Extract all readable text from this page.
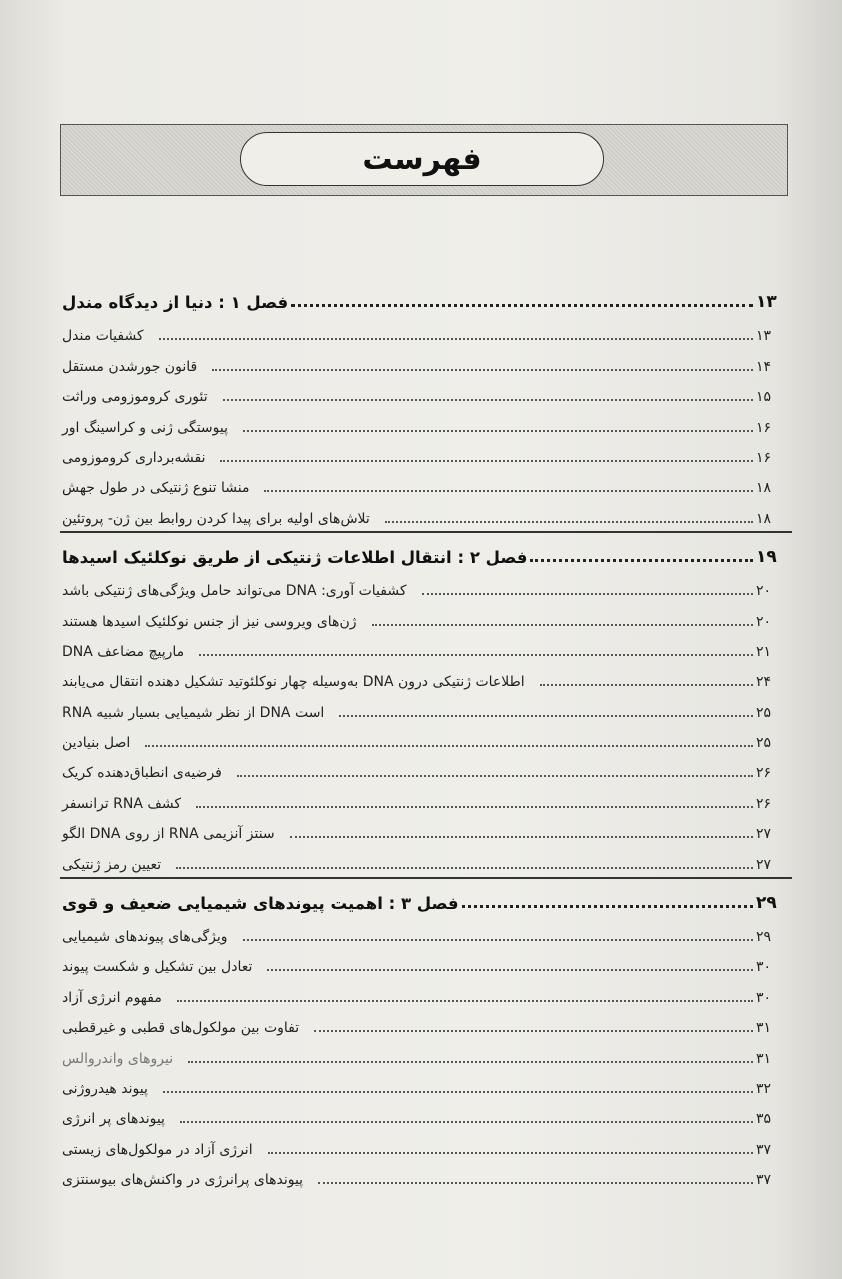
فهرست
فصل ۱ : دنیا از دیدگاه مندل	۱۳
کشفیات مندل	۱۳
قانون جورشدن مستقل	۱۴
تئوری کروموزومی وراثت	۱۵
پیوستگی ژنی و کراسینگ اور	۱۶
نقشه‌برداری کروموزومی	۱۶
منشا تنوع ژنتیکی در طول جهش	۱۸
تلاش‌های اولیه برای پیدا کردن روابط بین ژن- پروتئین	۱۸
فصل ۲ : انتقال اطلاعات ژنتیکی از طریق نوکلئیک اسیدها	۱۹
کشفیات آوری: DNA می‌تواند حامل ویژگی‌های ژنتیکی باشد	۲۰
ژن‌های ویروسی نیز از جنس نوکلئیک اسیدها هستند	۲۰
مارپیچ مضاعف DNA	۲۱
اطلاعات ژنتیکی درون DNA به‌وسیله چهار نوکلئوتید تشکیل دهنده انتقال می‌یابند	۲۴
RNA از نظر شیمیایی بسیار شبیه DNA است	۲۵
اصل بنیادین	۲۵
فرضیه‌ی انطباق‌دهنده کریک	۲۶
کشف RNA ترانسفر	۲۶
سنتز آنزیمی RNA از روی DNA الگو	۲۷
تعیین رمز ژنتیکی	۲۷
فصل ۳ : اهمیت پیوندهای شیمیایی ضعیف و قوی	۲۹
ویژگی‌های پیوندهای شیمیایی	۲۹
تعادل بین تشکیل و شکست پیوند	۳۰
مفهوم انرژی آزاد	۳۰
تفاوت بین مولکول‌های قطبی و غیرقطبی	۳۱
نیروهای واندروالس	۳۱
پیوند هیدروژنی	۳۲
پیوندهای پر انرژی	۳۵
انرژی آزاد در مولکول‌های زیستی	۳۷
پیوندهای پرانرژی در واکنش‌های بیوسنتزی	۳۷
